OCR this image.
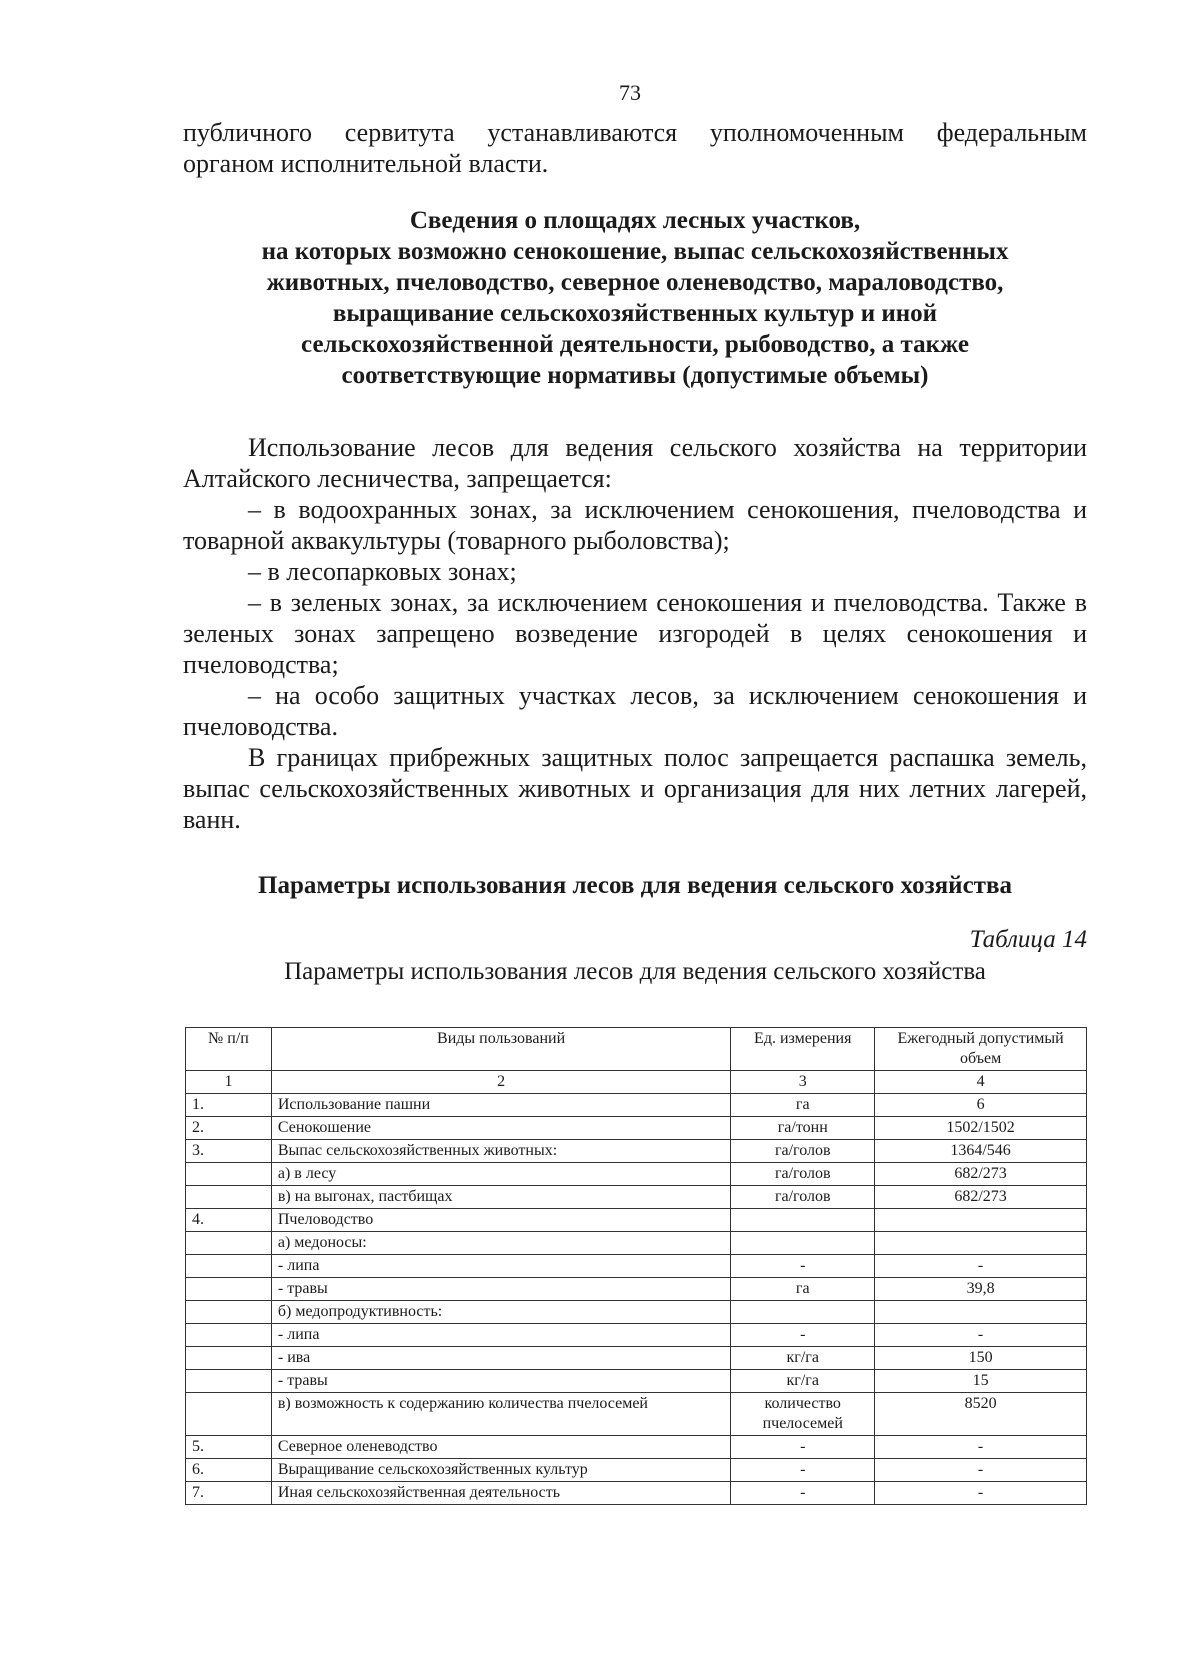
73
публичного сервитута устанавливаются уполномоченным федеральным
органом исполнительной власти.
Сведения о площадях лесных участков,
на которых возможно сенокошение, выпас сельскохозяйственных
животных, пчеловодство, северное оленеводство, мараловодство,
выращивание сельскохозяйственных культур и иной
сельскохозяйственной деятельности, рыбоводство, а также
соответствующие нормативы (допустимые объемы)
Использование лесов для ведения сельского хозяйства на территории Алтайского лесничества, запрещается:
– в водоохранных зонах, за исключением сенокошения, пчеловодства и товарной аквакультуры (товарного рыболовства);
– в лесопарковых зонах;
– в зеленых зонах, за исключением сенокошения и пчеловодства. Также в зеленых зонах запрещено возведение изгородей в целях сенокошения и пчеловодства;
– на особо защитных участках лесов, за исключением сенокошения и пчеловодства.
В границах прибрежных защитных полос запрещается распашка земель, выпас сельскохозяйственных животных и организация для них летних лагерей, ванн.
Параметры использования лесов для ведения сельского хозяйства
Таблица 14
Параметры использования лесов для ведения сельского хозяйства
№ п/п	Виды пользований	Ед. измерения	Ежегодный допустимый объем
1	2	3	4
1.	Использование пашни	га	6
2.	Сенокошение	га/тонн	1502/1502
3.	Выпас сельскохозяйственных животных:	га/голов	1364/546
	а) в лесу	га/голов	682/273
	в) на выгонах, пастбищах	га/голов	682/273
4.	Пчеловодство		
	а) медоносы:		
	- липа	-	-
	- травы	га	39,8
	б) медопродуктивность:		
	- липа	-	-
	- ива	кг/га	150
	- травы	кг/га	15
	в) возможность к содержанию количества пчелосемей	количество пчелосемей	8520
5.	Северное оленеводство	-	-
6.	Выращивание сельскохозяйственных культур	-	-
7.	Иная сельскохозяйственная деятельность	-	-
